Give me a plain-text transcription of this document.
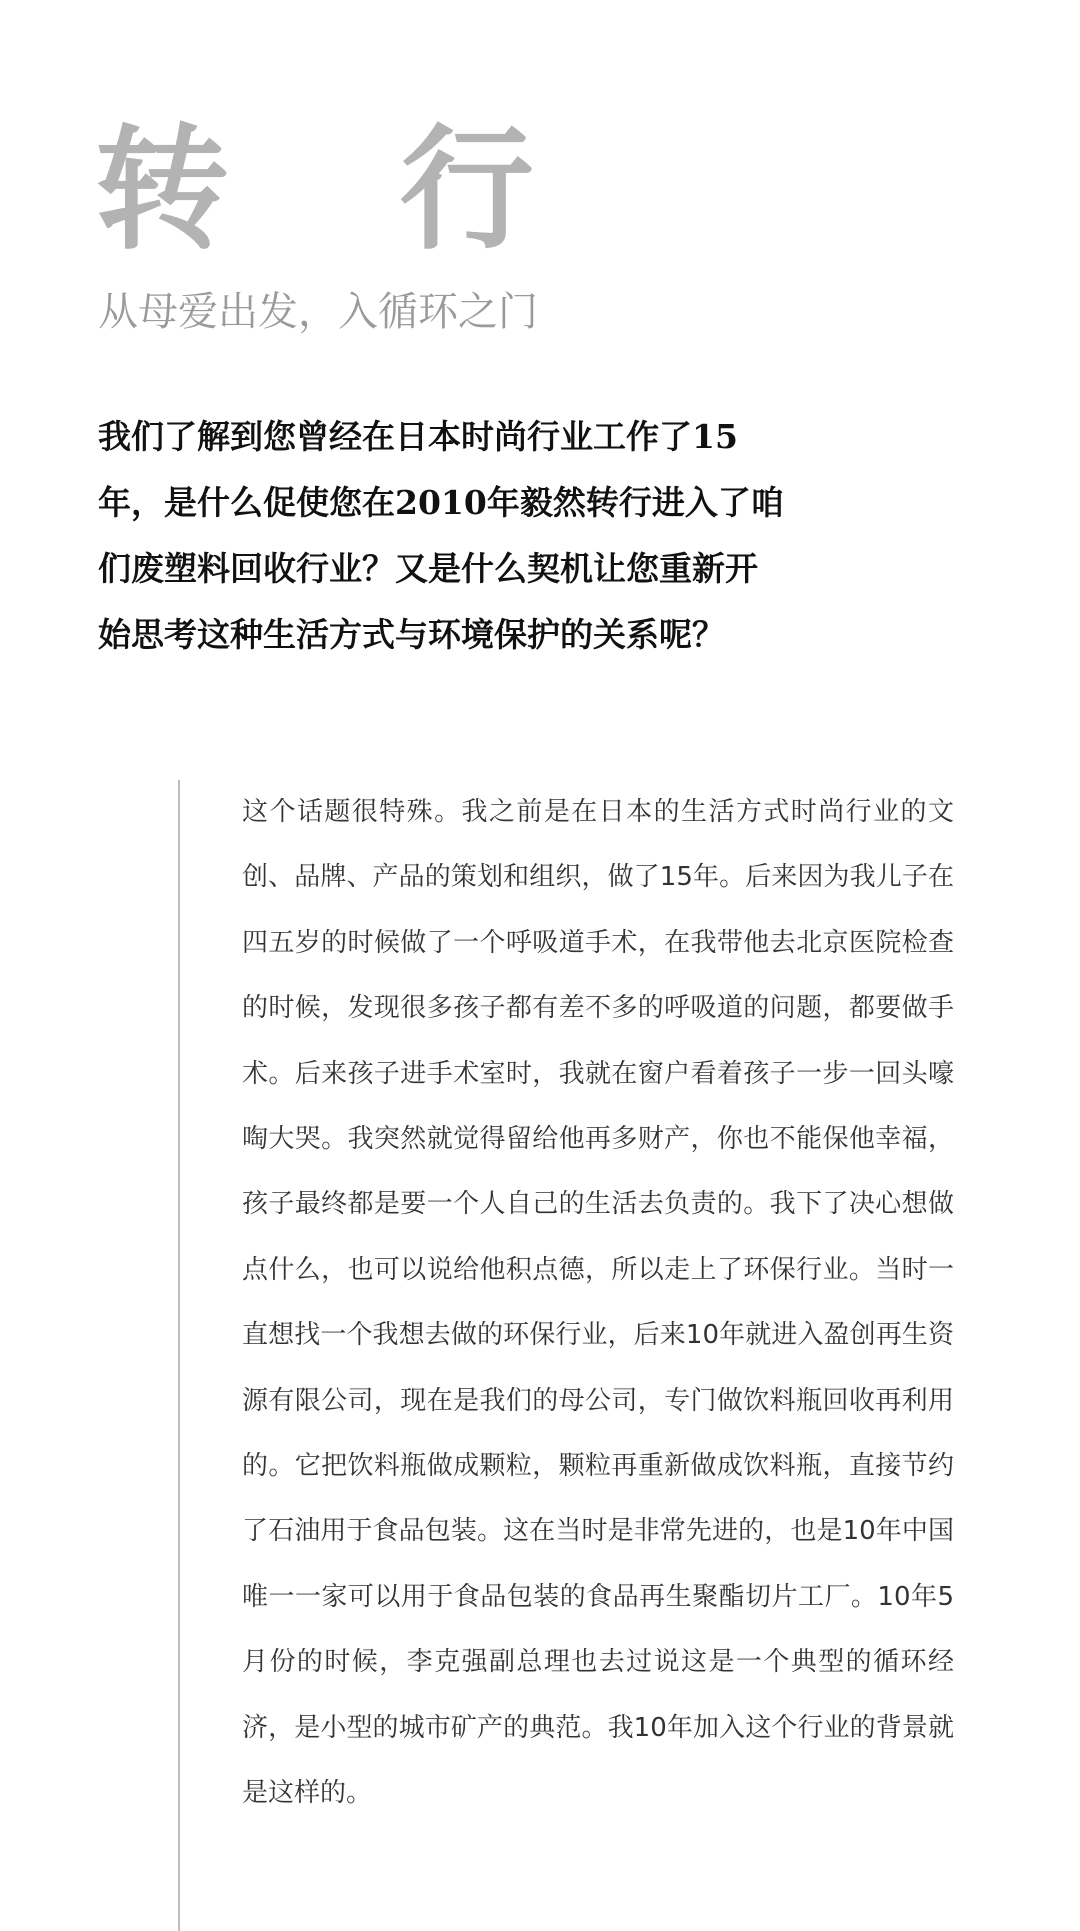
转 行

从母爱出发，入循环之门

我们了解到您曾经在日本时尚行业工作了15年，是什么促使您在2010年毅然转行进入了咱们废塑料回收行业？又是什么契机让您重新开始思考这种生活方式与环境保护的关系呢？

这个话题很特殊。我之前是在日本的生活方式时尚行业的文创、品牌、产品的策划和组织，做了15年。后来因为我儿子在四五岁的时候做了一个呼吸道手术，在我带他去北京医院检查的时候，发现很多孩子都有差不多的呼吸道的问题，都要做手术。后来孩子进手术室时，我就在窗户看着孩子一步一回头嚎啕大哭。我突然就觉得留给他再多财产，你也不能保他幸福，孩子最终都是要一个人自己的生活去负责的。我下了决心想做点什么，也可以说给他积点德，所以走上了环保行业。当时一直想找一个我想去做的环保行业，后来10年就进入盈创再生资源有限公司，现在是我们的母公司，专门做饮料瓶回收再利用的。它把饮料瓶做成颗粒，颗粒再重新做成饮料瓶，直接节约了石油用于食品包装。这在当时是非常先进的，也是10年中国唯一一家可以用于食品包装的食品再生聚酯切片工厂。10年5月份的时候，李克强副总理也去过说这是一个典型的循环经济，是小型的城市矿产的典范。我10年加入这个行业的背景就是这样的。
